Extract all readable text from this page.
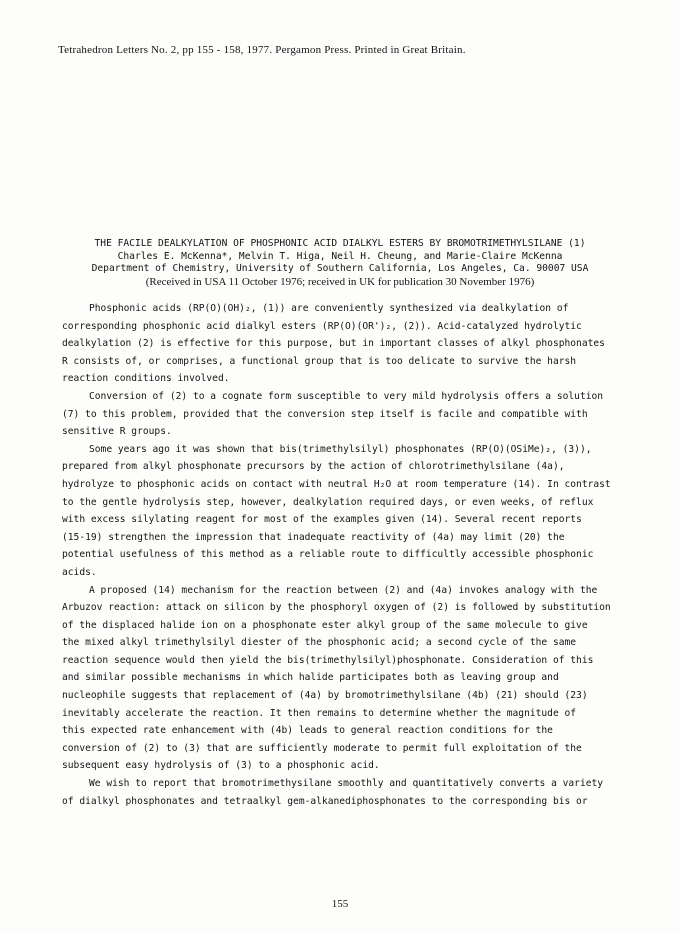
Tetrahedron Letters No. 2, pp 155 - 158, 1977. Pergamon Press. Printed in Great Britain.
THE FACILE DEALKYLATION OF PHOSPHONIC ACID DIALKYL ESTERS BY BROMOTRIMETHYLSILANE (1)
Charles E. McKenna*, Melvin T. Higa, Neil H. Cheung, and Marie-Claire McKenna
Department of Chemistry, University of Southern California, Los Angeles, Ca. 90007 USA
(Received in USA 11 October 1976; received in UK for publication 30 November 1976)
Phosphonic acids (RP(O)(OH)₂, (1)) are conveniently synthesized via dealkylation of
corresponding phosphonic acid dialkyl esters (RP(O)(OR')₂, (2)). Acid-catalyzed hydrolytic
dealkylation (2) is effective for this purpose, but in important classes of alkyl phosphonates
R consists of, or comprises, a functional group that is too delicate to survive the harsh
reaction conditions involved.
Conversion of (2) to a cognate form susceptible to very mild hydrolysis offers a solution
(7) to this problem, provided that the conversion step itself is facile and compatible with
sensitive R groups.
Some years ago it was shown that bis(trimethylsilyl) phosphonates (RP(O)(OSiMe)₂, (3)),
prepared from alkyl phosphonate precursors by the action of chlorotrimethylsilane (4a),
hydrolyze to phosphonic acids on contact with neutral H₂O at room temperature (14). In contrast
to the gentle hydrolysis step, however, dealkylation required days, or even weeks, of reflux
with excess silylating reagent for most of the examples given (14). Several recent reports
(15-19) strengthen the impression that inadequate reactivity of (4a) may limit (20) the
potential usefulness of this method as a reliable route to difficultly accessible phosphonic
acids.
A proposed (14) mechanism for the reaction between (2) and (4a) invokes analogy with the
Arbuzov reaction: attack on silicon by the phosphoryl oxygen of (2) is followed by substitution
of the displaced halide ion on a phosphonate ester alkyl group of the same molecule to give
the mixed alkyl trimethylsilyl diester of the phosphonic acid; a second cycle of the same
reaction sequence would then yield the bis(trimethylsilyl)phosphonate. Consideration of this
and similar possible mechanisms in which halide participates both as leaving group and
nucleophile suggests that replacement of (4a) by bromotrimethylsilane (4b) (21) should (23)
inevitably accelerate the reaction. It then remains to determine whether the magnitude of
this expected rate enhancement with (4b) leads to general reaction conditions for the
conversion of (2) to (3) that are sufficiently moderate to permit full exploitation of the
subsequent easy hydrolysis of (3) to a phosphonic acid.
We wish to report that bromotrimethysilane smoothly and quantitatively converts a variety
of dialkyl phosphonates and tetraalkyl gem-alkanediphosphonates to the corresponding bis or
155
